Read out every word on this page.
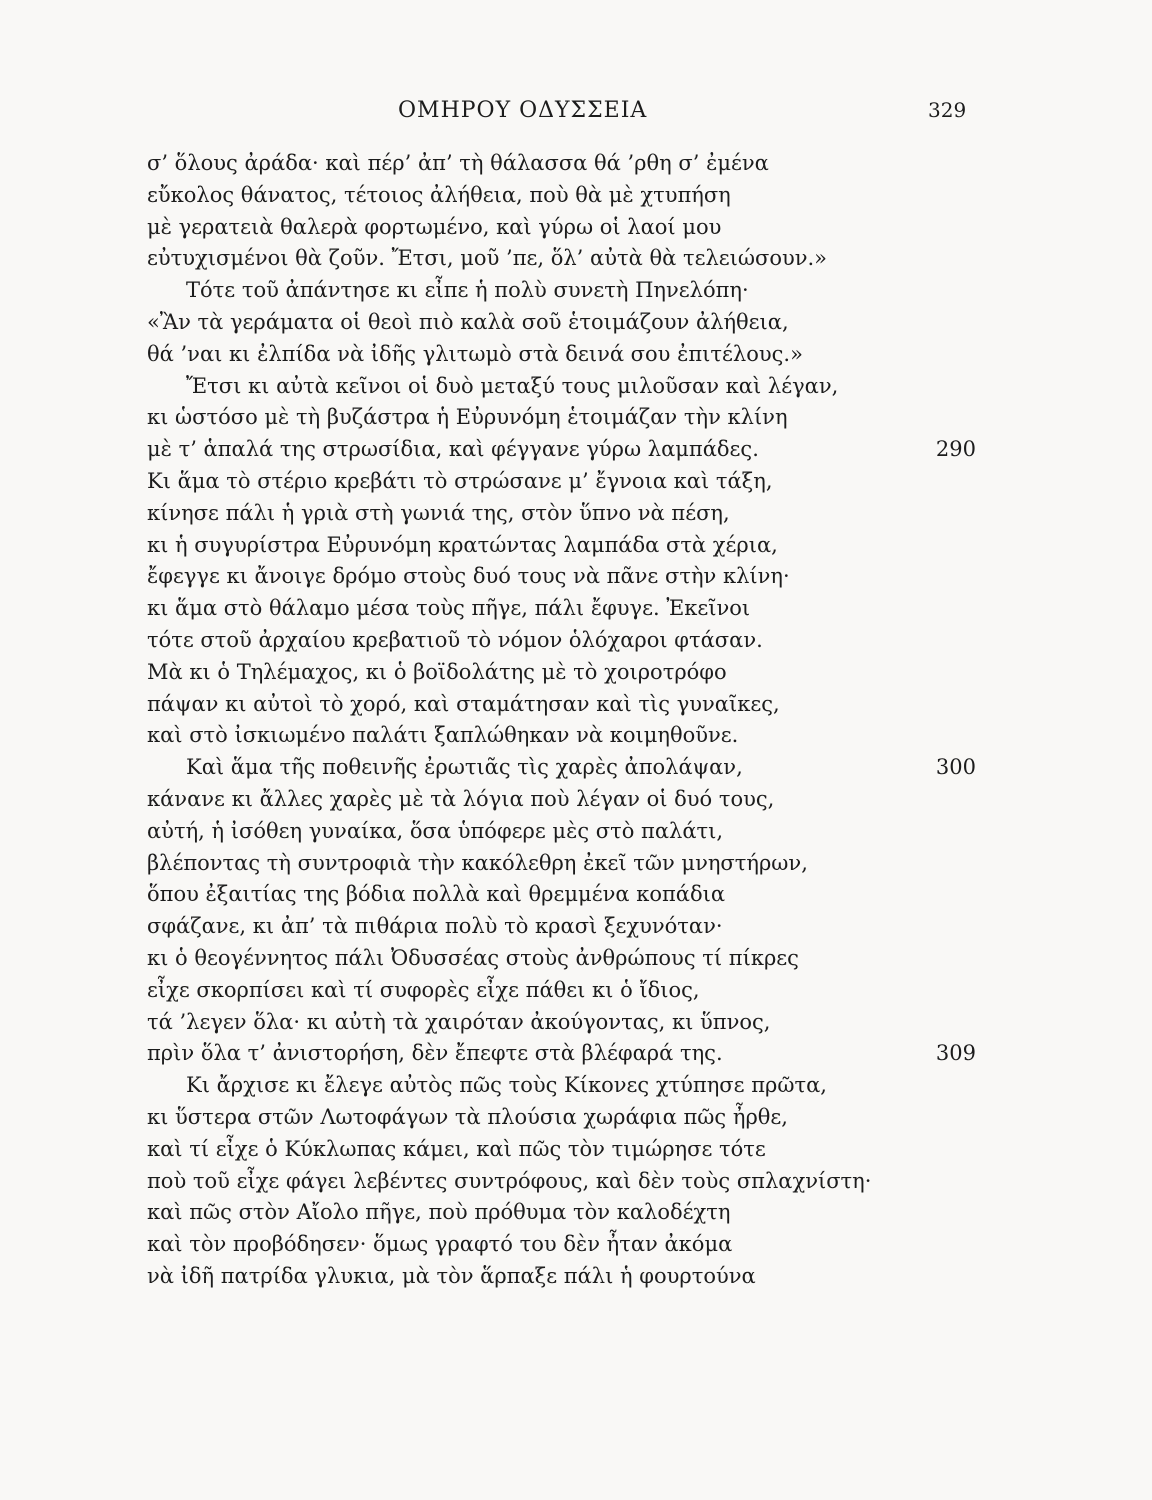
ΟΜΗΡΟΥ ΟΔΥΣΣΕΙΑ	329
σ’ ὅλους ἀράδα· καὶ πέρ’ ἀπ’ τὴ θάλασσα θά ’ρθη σ’ ἐμένα
εὔκολος θάνατος, τέτοιος ἀλήθεια, ποὺ θὰ μὲ χτυπήση
μὲ γερατειὰ θαλερὰ φορτωμένο, καὶ γύρω οἱ λαοί μου
εὐτυχισμένοι θὰ ζοῦν. Ἔτσι, μοῦ ’πε, ὅλ’ αὐτὰ θὰ τελειώσουν.»
Τότε τοῦ ἀπάντησε κι εἶπε ἡ πολὺ συνετὴ Πηνελόπη·
«Ἂν τὰ γεράματα οἱ θεοὶ πιὸ καλὰ σοῦ ἑτοιμάζουν ἀλήθεια,
θά ’ναι κι ἐλπίδα νὰ ἰδῆς γλιτωμὸ στὰ δεινά σου ἐπιτέλους.»
Ἔτσι κι αὐτὰ κεῖνοι οἱ δυὸ μεταξύ τους μιλοῦσαν καὶ λέγαν,
κι ὡστόσο μὲ τὴ βυζάστρα ἡ Εὐρυνόμη ἑτοιμάζαν τὴν κλίνη
μὲ τ’ ἁπαλά της στρωσίδια, καὶ φέγγανε γύρω λαμπάδες.	290
Κι ἅμα τὸ στέριο κρεβάτι τὸ στρώσανε μ’ ἔγνοια καὶ τάξη,
κίνησε πάλι ἡ γριὰ στὴ γωνιά της, στὸν ὕπνο νὰ πέση,
κι ἡ συγυρίστρα Εὐρυνόμη κρατώντας λαμπάδα στὰ χέρια,
ἔφεγγε κι ἄνοιγε δρόμο στοὺς δυό τους νὰ πᾶνε στὴν κλίνη·
κι ἅμα στὸ θάλαμο μέσα τοὺς πῆγε, πάλι ἔφυγε. Ἐκεῖνοι
τότε στοῦ ἀρχαίου κρεβατιοῦ τὸ νόμον ὁλόχαροι φτάσαν.
Μὰ κι ὁ Τηλέμαχος, κι ὁ βοϊδολάτης μὲ τὸ χοιροτρόφο
πάψαν κι αὐτοὶ τὸ χορό, καὶ σταμάτησαν καὶ τὶς γυναῖκες,
καὶ στὸ ἰσκιωμένο παλάτι ξαπλώθηκαν νὰ κοιμηθοῦνε.
Καὶ ἅμα τῆς ποθεινῆς ἐρωτιᾶς τὶς χαρὲς ἀπολάψαν,	300
κάνανε κι ἄλλες χαρὲς μὲ τὰ λόγια ποὺ λέγαν οἱ δυό τους,
αὐτή, ἡ ἰσόθεη γυναίκα, ὅσα ὑπόφερε μὲς στὸ παλάτι,
βλέποντας τὴ συντροφιὰ τὴν κακόλεθρη ἐκεῖ τῶν μνηστήρων,
ὅπου ἐξαιτίας της βόδια πολλὰ καὶ θρεμμένα κοπάδια
σφάζανε, κι ἀπ’ τὰ πιθάρια πολὺ τὸ κρασὶ ξεχυνόταν·
κι ὁ θεογέννητος πάλι Ὀδυσσέας στοὺς ἀνθρώπους τί πίκρες
εἶχε σκορπίσει καὶ τί συφορὲς εἶχε πάθει κι ὁ ἴδιος,
τά ’λεγεν ὅλα· κι αὐτὴ τὰ χαιρόταν ἀκούγοντας, κι ὕπνος,
πρὶν ὅλα τ’ ἀνιστορήση, δὲν ἔπεφτε στὰ βλέφαρά της.	309
Κι ἄρχισε κι ἔλεγε αὐτὸς πῶς τοὺς Κίκονες χτύπησε πρῶτα,
κι ὕστερα στῶν Λωτοφάγων τὰ πλούσια χωράφια πῶς ἦρθε,
καὶ τί εἶχε ὁ Κύκλωπας κάμει, καὶ πῶς τὸν τιμώρησε τότε
ποὺ τοῦ εἶχε φάγει λεβέντες συντρόφους, καὶ δὲν τοὺς σπλαχνίστη·
καὶ πῶς στὸν Αἴολο πῆγε, ποὺ πρόθυμα τὸν καλοδέχτη
καὶ τὸν προβόδησεν· ὅμως γραφτό του δὲν ἦταν ἀκόμα
νὰ ἰδῆ πατρίδα γλυκια, μὰ τὸν ἅρπαξε πάλι ἡ φουρτούνα
